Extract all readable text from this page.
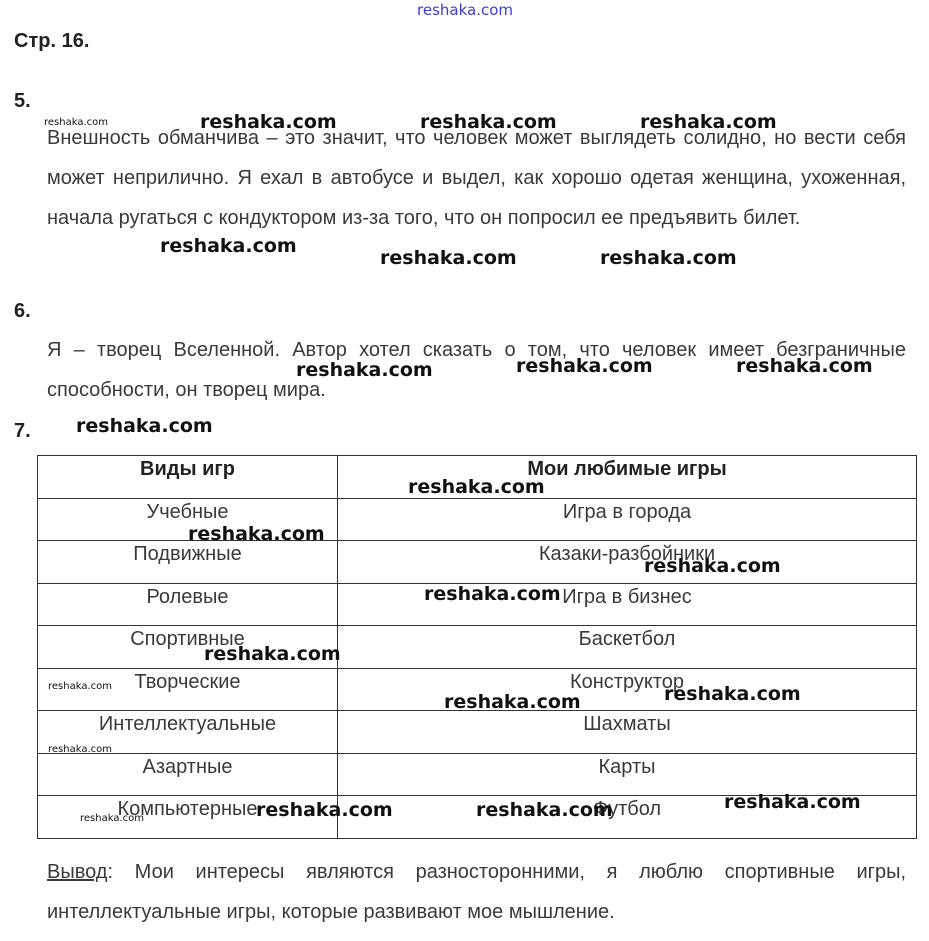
Стр. 16.
5.
Внешность обманчива – это значит, что человек может выглядеть солидно, но вести себя может неприлично. Я ехал в автобусе и выдел, как хорошо одетая женщина, ухоженная, начала ругаться с кондуктором из-за того, что он попросил ее предъявить билет.
6.
Я – творец Вселенной. Автор хотел сказать о том, что человек имеет безграничные способности, он творец мира.
7.
Виды игр	Мои любимые игры
Учебные	Игра в города
Подвижные	Казаки-разбойники
Ролевые	Игра в бизнес
Спортивные	Баскетбол
Творческие	Конструктор
Интеллектуальные	Шахматы
Азартные	Карты
Компьютерные	Футбол
Вывод: Мои интересы являются разносторонними, я люблю спортивные игры, интеллектуальные игры, которые развивают мое мышление.
reshaka.com
reshaka.com	reshaka.com	reshaka.com	reshaka.com
reshaka.com
reshaka.com	reshaka.com
reshaka.com	reshaka.com	reshaka.com
reshaka.com
reshaka.com
reshaka.com
reshaka.com
reshaka.com
reshaka.com
reshaka.com	reshaka.com
reshaka.com
reshaka.com
reshaka.com
reshaka.com	reshaka.com
reshaka.com
